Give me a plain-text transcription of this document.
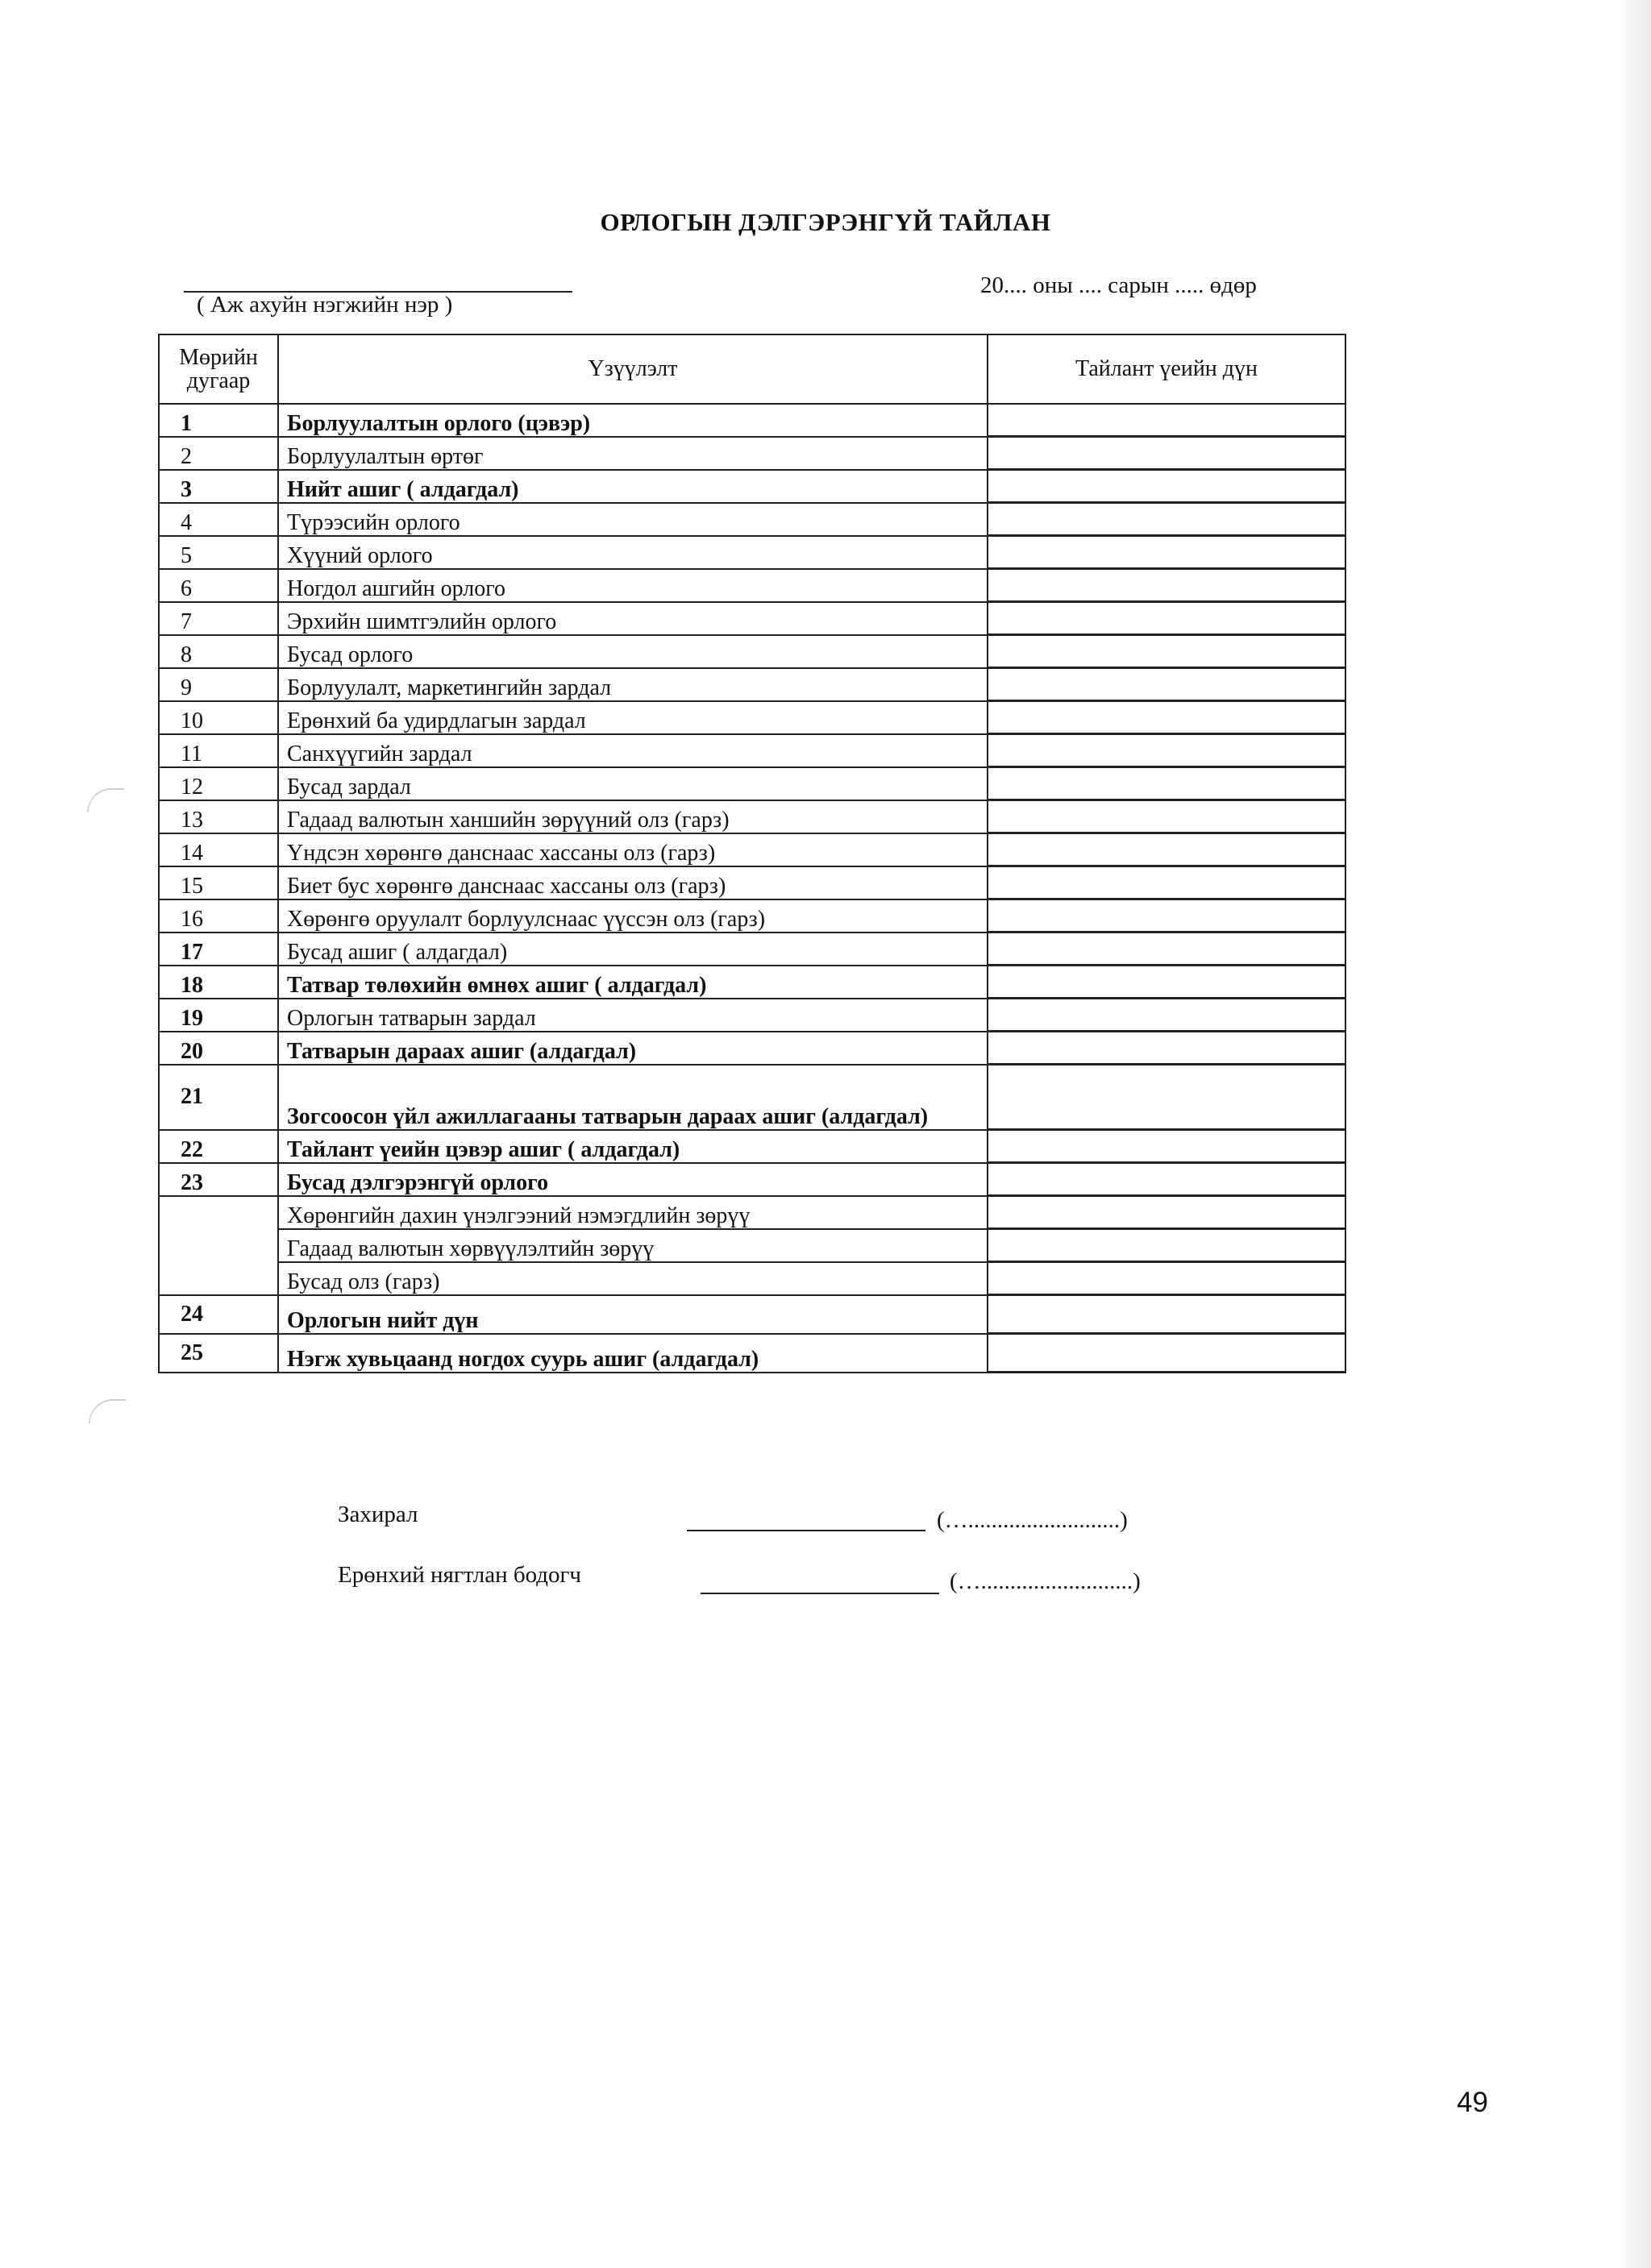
ОРЛОГЫН ДЭЛГЭРЭНГҮЙ ТАЙЛАН
( Аж ахуйн нэгжийн нэр )
20.... оны .... сарын ..... өдөр
Мөрийн дугаар	Үзүүлэлт	Тайлант үеийн дүн
1	Борлуулалтын орлого (цэвэр)	
2	Борлуулалтын өртөг	
3	Нийт ашиг ( алдагдал)	
4	Түрээсийн орлого	
5	Хүүний орлого	
6	Ногдол ашгийн орлого	
7	Эрхийн шимтгэлийн орлого	
8	Бусад орлого	
9	Борлуулалт, маркетингийн зардал	
10	Ерөнхий ба удирдлагын зардал	
11	Санхүүгийн зардал	
12	Бусад зардал	
13	Гадаад валютын ханшийн зөрүүний олз (гарз)	
14	Үндсэн хөрөнгө данснаас хассаны олз (гарз)	
15	Биет бус хөрөнгө данснаас хассаны олз (гарз)	
16	Хөрөнгө оруулалт борлуулснаас үүссэн олз (гарз)	
17	Бусад ашиг ( алдагдал)	
18	Татвар төлөхийн өмнөх ашиг ( алдагдал)	
19	Орлогын татварын зардал	
20	Татварын дараах ашиг (алдагдал)	
21	Зогсоосон үйл ажиллагааны татварын дараах ашиг (алдагдал)	
22	Тайлант үеийн цэвэр ашиг ( алдагдал)	
23	Бусад дэлгэрэнгүй орлого	
	Хөрөнгийн дахин үнэлгээний нэмэгдлийн зөрүү	
	Гадаад валютын хөрвүүлэлтийн зөрүү	
	Бусад олз (гарз)	
24	Орлогын нийт дүн	
25	Нэгж хувьцаанд ногдох суурь ашиг (алдагдал)	
Захирал	(…..........................)
Ерөнхий нягтлан бодогч	(…..........................)
49
